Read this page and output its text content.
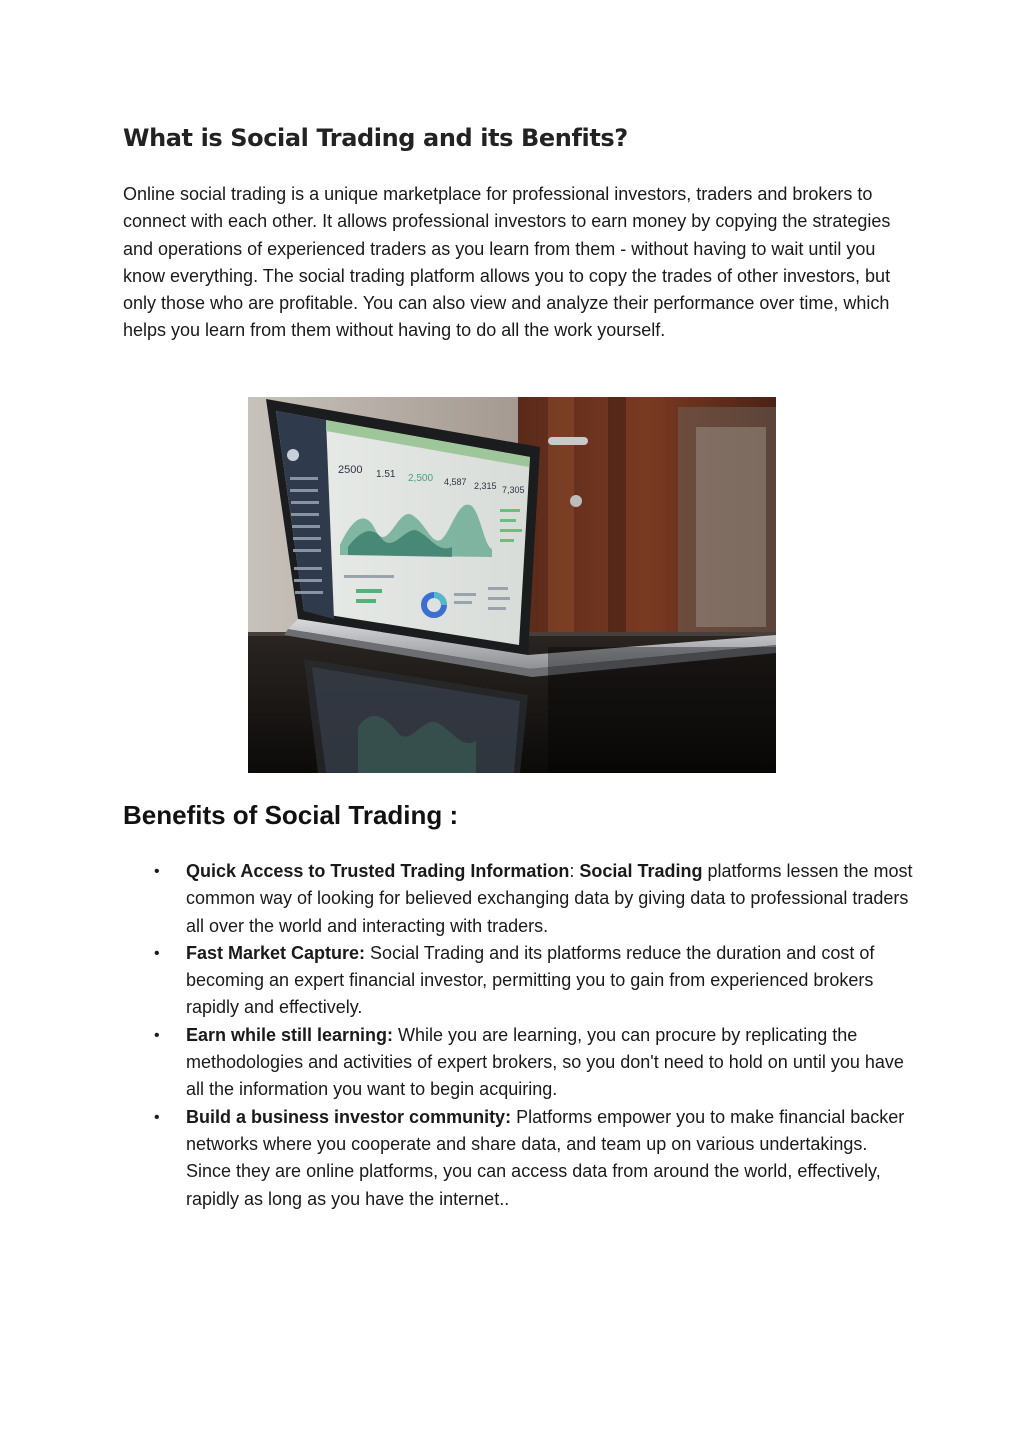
What is Social Trading and its Benfits?

Online social trading is a unique marketplace for professional investors, traders and brokers to connect with each other. It allows professional investors to earn money by copying the strategies and operations of experienced traders as you learn from them - without having to wait until you know everything. The social trading platform allows you to copy the trades of other investors, but only those who are profitable. You can also view and analyze their performance over time, which helps you learn from them without having to do all the work yourself.

2500 1.51 2,500 4,587 2,315 7,305
Benefits of Social Trading :
• Quick Access to Trusted Trading Information: Social Trading platforms lessen the most common way of looking for believed exchanging data by giving data to professional traders all over the world and interacting with traders.
• Fast Market Capture: Social Trading and its platforms reduce the duration and cost of becoming an expert financial investor, permitting you to gain from experienced brokers rapidly and effectively.
• Earn while still learning: While you are learning, you can procure by replicating the methodologies and activities of expert brokers, so you don't need to hold on until you have all the information you want to begin acquiring.
• Build a business investor community: Platforms empower you to make financial backer networks where you cooperate and share data, and team up on various undertakings. Since they are online platforms, you can access data from around the world, effectively, rapidly as long as you have the internet..
